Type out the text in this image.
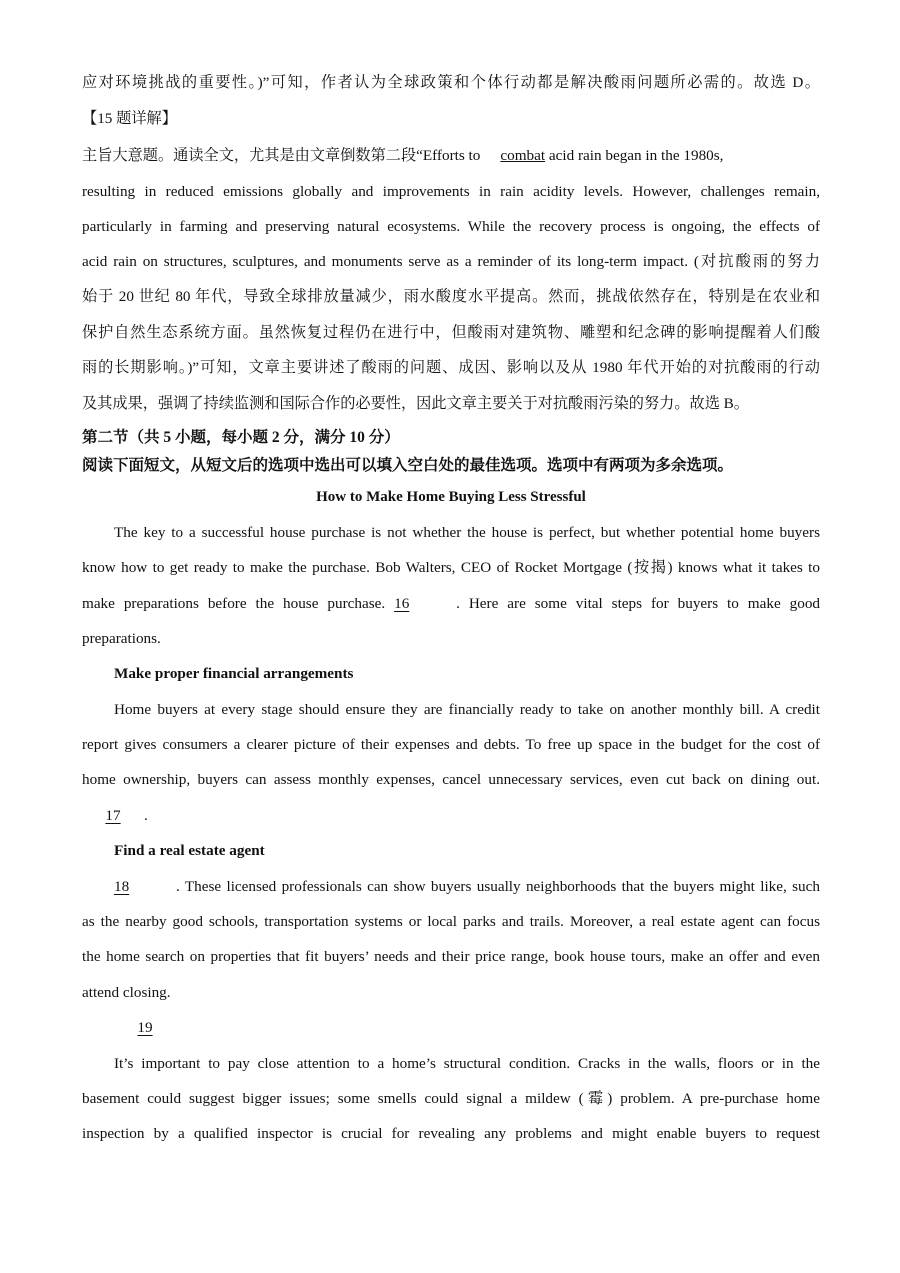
应对环境挑战的重要性。)”可知，作者认为全球政策和个体行动都是解决酸雨问题所必需的。故选 D。
【15 题详解】
主旨大意题。通读全文，尤其是由文章倒数第二段“Efforts to combat acid rain began in the 1980s,
resulting in reduced emissions globally and improvements in rain acidity levels. However, challenges remain,
particularly in farming and preserving natural ecosystems. While the recovery process is ongoing, the effects of
acid rain on structures, sculptures, and monuments serve as a reminder of its long-term impact. (对抗酸雨的努力
始于 20 世纪 80 年代，导致全球排放量减少，雨水酸度水平提高。然而，挑战依然存在，特别是在农业和
保护自然生态系统方面。虽然恢复过程仍在进行中，但酸雨对建筑物、雕塑和纪念碑的影响提醒着人们酸
雨的长期影响。)”可知，文章主要讲述了酸雨的问题、成因、影响以及从 1980 年代开始的对抗酸雨的行动
及其成果，强调了持续监测和国际合作的必要性，因此文章主要关于对抗酸雨污染的努力。故选 B。
第二节（共 5 小题，每小题 2 分，满分 10 分）
阅读下面短文，从短文后的选项中选出可以填入空白处的最佳选项。选项中有两项为多余选项。
How to Make Home Buying Less Stressful
The key to a successful house purchase is not whether the house is perfect, but whether potential home buyers
know how to get ready to make the purchase. Bob Walters, CEO of Rocket Mortgage (按揭) knows what it takes to
make preparations before the house purchase. 16	. Here are some vital steps for buyers to make good
preparations.
Make proper financial arrangements
Home buyers at every stage should ensure they are financially ready to take on another monthly bill. A credit
report gives consumers a clearer picture of their expenses and debts. To free up space in the budget for the cost of
home ownership, buyers can assess monthly expenses, cancel unnecessary services, even cut back on dining out.
17 .
Find a real estate agent
18	. These licensed professionals can show buyers usually neighborhoods that the buyers might like, such
as the nearby good schools, transportation systems or local parks and trails. Moreover, a real estate agent can focus
the home search on properties that fit buyers’ needs and their price range, book house tours, make an offer and even
attend closing.
19
It’s important to pay close attention to a home’s structural condition. Cracks in the walls, floors or in the
basement could suggest bigger issues; some smells could signal a mildew (霉) problem. A pre-purchase home
inspection by a qualified inspector is crucial for revealing any problems and might enable buyers to request
